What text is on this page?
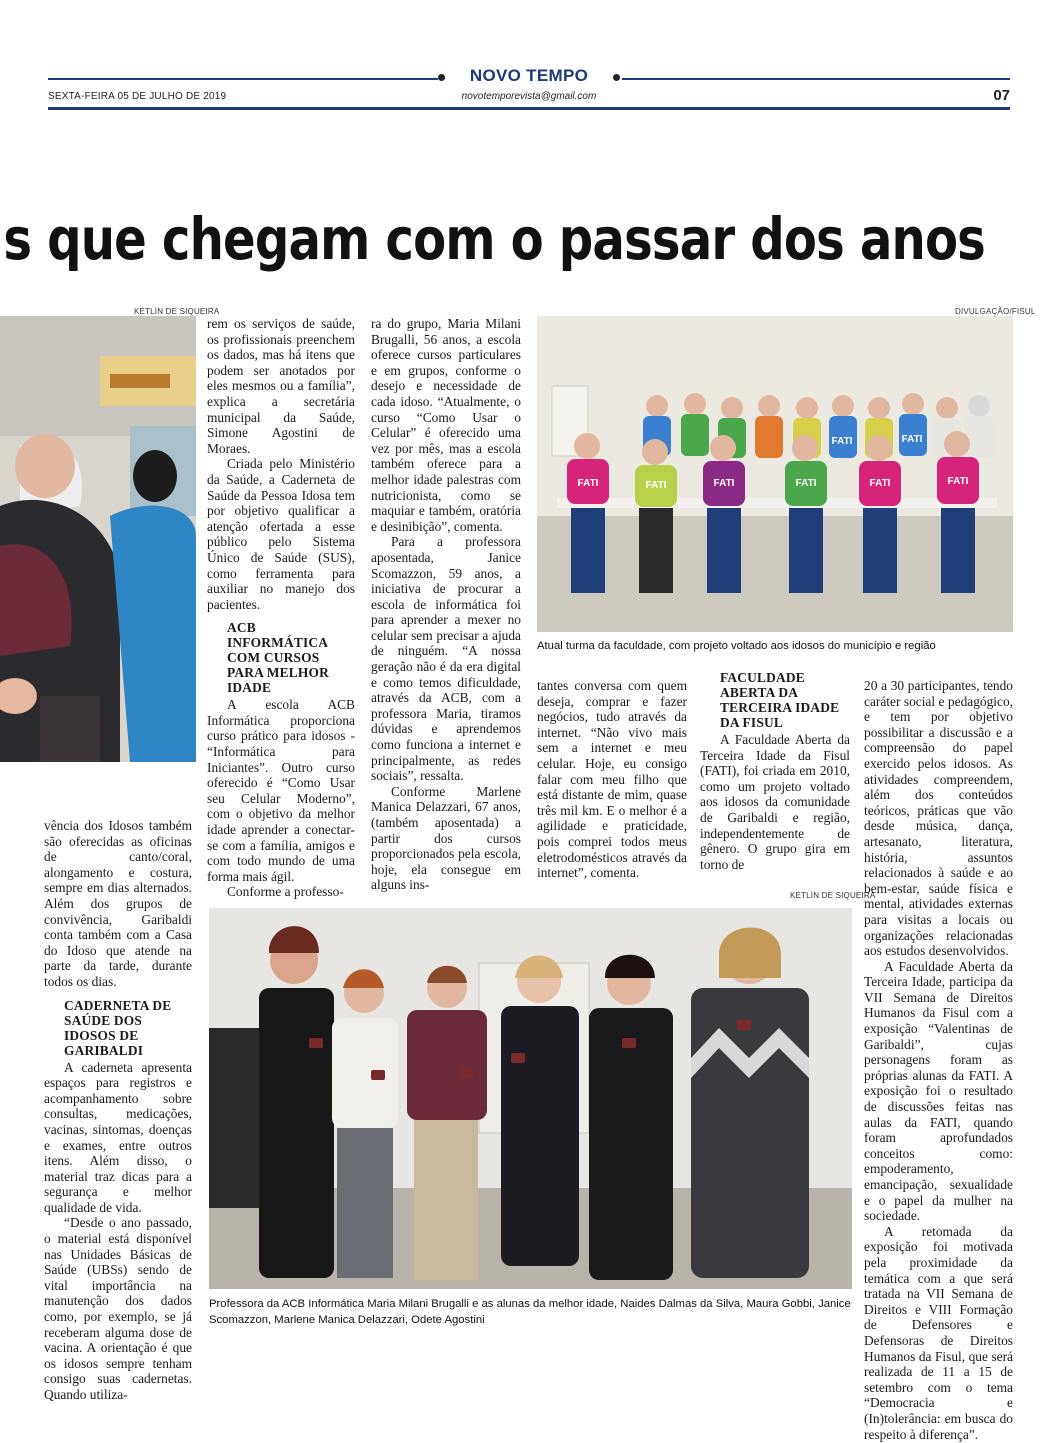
NOVO TEMPO
SEXTA-FEIRA 05 DE JULHO DE 2019	novotemporevista@gmail.com	07
s que chegam com o passar dos anos
KETLIN DE SIQUEIRA	DIVULGAÇÃO/FISUL
FATI	FATI	FATI	FATI	FATI	FATI
FATI	FATI
Atual turma da faculdade, com projeto voltado aos idosos do município e região
KETLIN DE SIQUEIRA
Professora da ACB Informática Maria Milani Brugalli e as alunas da melhor idade, Naides Dalmas da Silva, Maura Gobbi, Janice Scomazzon, Marlene Manica Delazzari, Odete Agostini

vência dos Idosos também são oferecidas as oficinas de canto/coral, alongamento e costura, sempre em dias alternados. Além dos grupos de convivência, Garibaldi conta também com a Casa do Idoso que atende na parte da tarde, durante todos os dias.

CADERNETA DE SAÚDE DOS IDOSOS DE GARIBALDI

A caderneta apresenta espaços para registros e acompanhamento sobre consultas, medicações, vacinas, sintomas, doenças e exames, entre outros itens. Além disso, o material traz dicas para a segurança e melhor qualidade de vida.

“Desde o ano passado, o material está disponível nas Unidades Básicas de Saúde (UBSs) sendo de vital importância na manutenção dos dados como, por exemplo, se já receberam alguma dose de vacina. A orientação é que os idosos sempre tenham consigo suas cadernetas. Quando utiliza-

rem os serviços de saúde, os profissionais preenchem os dados, mas há itens que podem ser anotados por eles mesmos ou a família”, explica a secretária municipal da Saúde, Simone Agostini de Moraes.

Criada pelo Ministério da Saúde, a Caderneta de Saúde da Pessoa Idosa tem por objetivo qualificar a atenção ofertada a esse público pelo Sistema Único de Saúde (SUS), como ferramenta para auxiliar no manejo dos pacientes.

ACB INFORMÁTICA COM CURSOS PARA MELHOR IDADE

A escola ACB Informática proporciona curso prático para idosos - “Informática para Iniciantes”. Outro curso oferecido é “Como Usar seu Celular Moderno”, com o objetivo da melhor idade aprender a conectar-se com a família, amigos e com todo mundo de uma forma mais ágil.

Conforme a professo-

ra do grupo, Maria Milani Brugalli, 56 anos, a escola oferece cursos particulares e em grupos, conforme o desejo e necessidade de cada idoso. “Atualmente, o curso “Como Usar o Celular” é oferecido uma vez por mês, mas a escola também oferece para a melhor idade palestras com nutricionista, como se maquiar e também, oratória e desinibição”, comenta.

Para a professora aposentada, Janice Scomazzon, 59 anos, a iniciativa de procurar a escola de informática foi para aprender a mexer no celular sem precisar a ajuda de ninguém. “A nossa geração não é da era digital e como temos dificuldade, através da ACB, com a professora Maria, tiramos dúvidas e aprendemos como funciona a internet e principalmente, as redes sociais”, ressalta.

Conforme Marlene Manica Delazzari, 67 anos, (também aposentada) a partir dos cursos proporcionados pela escola, hoje, ela consegue em alguns ins-

tantes conversa com quem deseja, comprar e fazer negócios, tudo através da internet. “Não vivo mais sem a internet e meu celular. Hoje, eu consigo falar com meu filho que está distante de mim, quase três mil km. E o melhor é a agilidade e praticidade, pois comprei todos meus eletrodomésticos através da internet”, comenta.

FACULDADE ABERTA DA TERCEIRA IDADE DA FISUL

A Faculdade Aberta da Terceira Idade da Fisul (FATI), foi criada em 2010, como um projeto voltado aos idosos da comunidade de Garibaldi e região, independentemente de gênero. O grupo gira em torno de

20 a 30 participantes, tendo caráter social e pedagógico, e tem por objetivo possibilitar a discussão e a compreensão do papel exercido pelos idosos. As atividades compreendem, além dos conteúdos teóricos, práticas que vão desde música, dança, artesanato, literatura, história, assuntos relacionados à saúde e ao bem-estar, saúde física e mental, atividades externas para visitas a locais ou organizações relacionadas aos estudos desenvolvidos.

A Faculdade Aberta da Terceira Idade, participa da VII Semana de Direitos Humanos da Fisul com a exposição “Valentinas de Garibaldi”, cujas personagens foram as próprias alunas da FATI. A exposição foi o resultado de discussões feitas nas aulas da FATI, quando foram aprofundados conceitos como: empoderamento, emancipação, sexualidade e o papel da mulher na sociedade.

A retomada da exposição foi motivada pela proximidade da temática com a que será tratada na VII Semana de Direitos e VIII Formação de Defensores e Defensoras de Direitos Humanos da Fisul, que será realizada de 11 a 15 de setembro com o tema “Democracia e (In)tolerância: em busca do respeito à diferença”.
